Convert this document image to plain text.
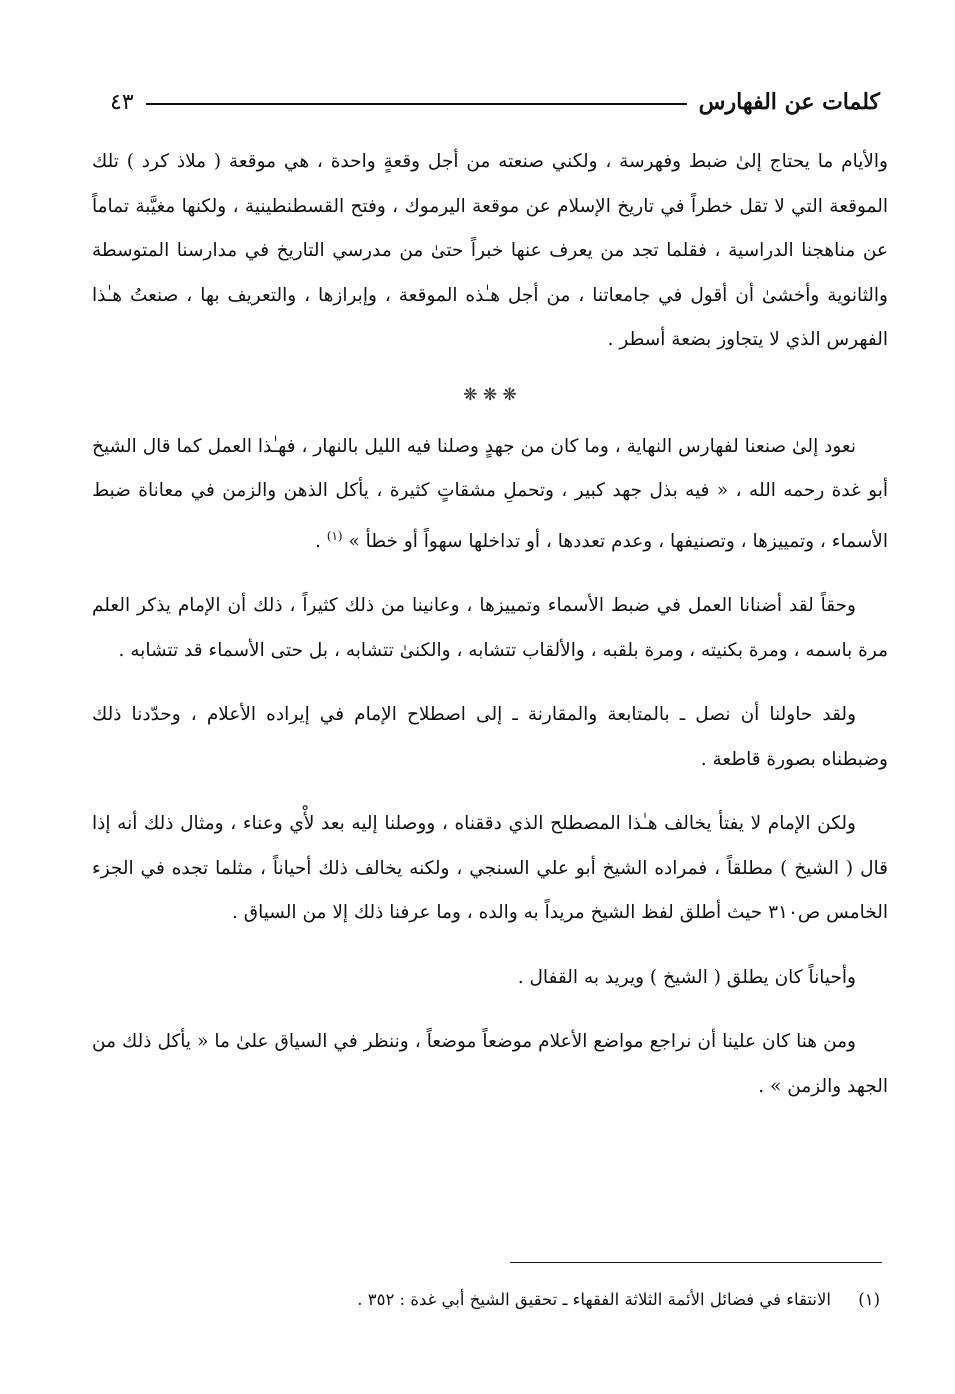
كلمات عن الفهارس
٤٣

والأيام ما يحتاج إلىٰ ضبط وفهرسة ، ولكني صنعته من أجل وقعةٍ واحدة ، هي موقعة ( ملاذ كرد ) تلك الموقعة التي لا تقل خطراً في تاريخ الإسلام عن موقعة اليرموك ، وفتح القسطنطينية ، ولكنها مغيَّبة تماماً عن مناهجنا الدراسية ، فقلما تجد من يعرف عنها خبراً حتىٰ من مدرسي التاريخ في مدارسنا المتوسطة والثانوية وأخشىٰ أن أقول في جامعاتنا ، من أجل هـٰذه الموقعة ، وإبرازها ، والتعريف بها ، صنعتُ هـٰذا الفهرس الذي لا يتجاوز بضعة أسطر .

❋ ❋ ❋

نعود إلىٰ صنعنا لفهارس النهاية ، وما كان من جهدٍ وصلنا فيه الليل بالنهار ، فهـٰذا العمل كما قال الشيخ أبو غدة رحمه الله ، « فيه بذل جهد كبير ، وتحملِ مشقاتٍ كثيرة ، يأكل الذهن والزمن في معاناة ضبط الأسماء ، وتمييزها ، وتصنيفها ، وعدم تعددها ، أو تداخلها سهواً أو خطأ » $^{(١)}$ .

وحقاً لقد أضنانا العمل في ضبط الأسماء وتمييزها ، وعانينا من ذلك كثيراً ، ذلك أن الإمام يذكر العلم مرة باسمه ، ومرة بكنيته ، ومرة بلقبه ، والألقاب تتشابه ، والكنىٰ تتشابه ، بل حتى الأسماء قد تتشابه .

ولقد حاولنا أن نصل ـ بالمتابعة والمقارنة ـ إلى اصطلاح الإمام في إيراده الأعلام ، وحدّدنا ذلك وضبطناه بصورة قاطعة .

ولكن الإمام لا يفتأ يخالف هـٰذا المصطلح الذي دققناه ، ووصلنا إليه بعد لأْي وعناء ، ومثال ذلك أنه إذا قال ( الشيخ ) مطلقاً ، فمراده الشيخ أبو علي السنجي ، ولكنه يخالف ذلك أحياناً ، مثلما تجده في الجزء الخامس ص٣١٠ حيث أطلق لفظ الشيخ مريداً به والده ، وما عرفنا ذلك إلا من السياق .

وأحياناً كان يطلق ( الشيخ ) ويريد به القفال .

ومن هنا كان علينا أن نراجع مواضع الأعلام موضعاً موضعاً ، وننظر في السياق علىٰ ما « يأكل ذلك من الجهد والزمن » .

(١) الانتقاء في فضائل الأئمة الثلاثة الفقهاء ـ تحقيق الشيخ أبي غدة : ٣٥٢ .
